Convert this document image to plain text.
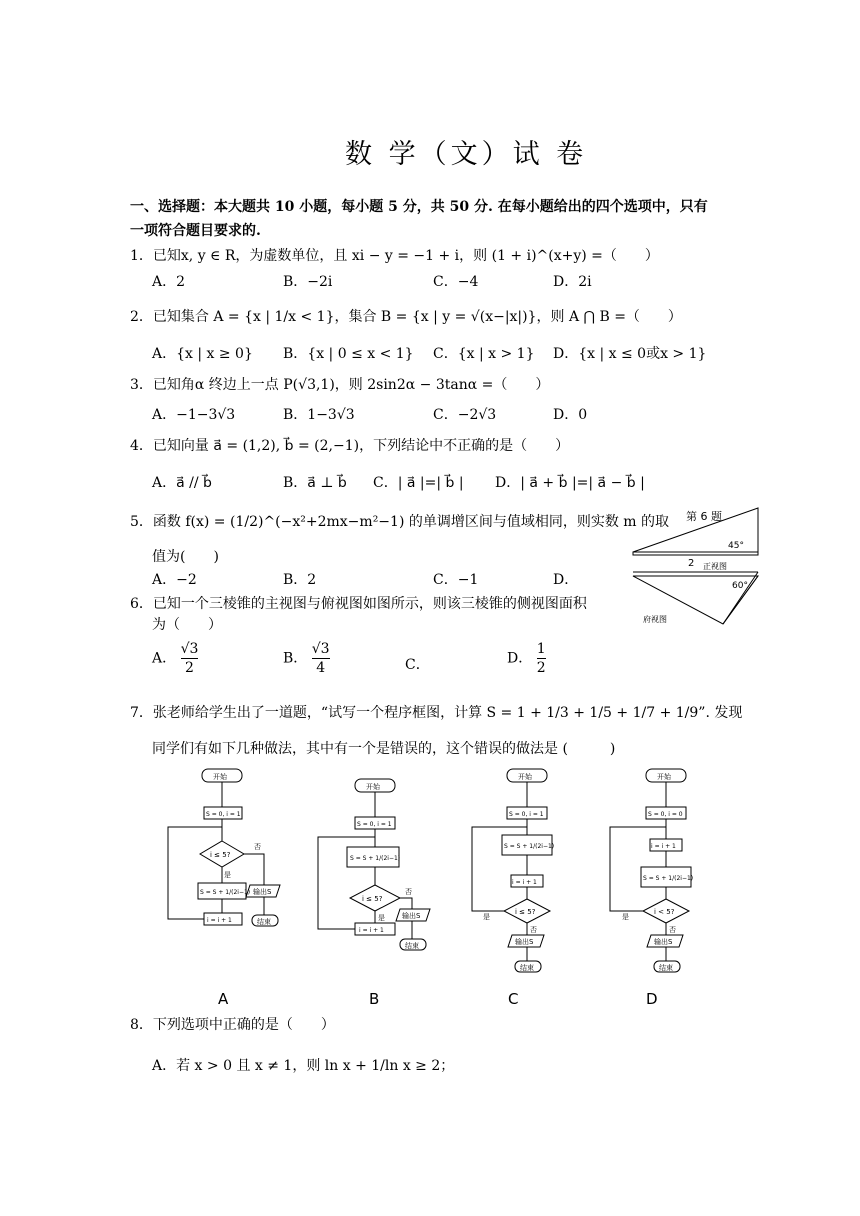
数 学（文）试 卷
一、选择题：本大题共 10 小题，每小题 5 分，共 50 分. 在每小题给出的四个选项中，只有
一项符合题目要求的.
1．已知x, y ∈ R，为虚数单位，且 xi − y = −1 + i，则 (1 + i)^(x+y) =（　　）
A．2	B．−2i	C．−4	D．2i
2．已知集合 A = {x | 1/x < 1}，集合 B = {x | y = √(x−|x|)}，则 A ⋂ B =（　　）
A．{x | x ≥ 0} B．{x | 0 ≤ x < 1} C．{x | x > 1} D．{x | x ≤ 0或x > 1}
3．已知角α 终边上一点 P(√3,1)，则 2sin2α − 3tanα =（　　）
A．−1−3√3	B．1−3√3	C．−2√3	D．0
4．已知向量 a⃗ = (1,2), b⃗ = (2,−1)，下列结论中不正确的是（　　）
A．a⃗ // b⃗	B．a⃗ ⊥ b⃗ C．| a⃗ |=| b⃗ | D．| a⃗ + b⃗ |=| a⃗ − b⃗ |
5．函数 f(x) = (1/2)^(−x²+2mx−m²−1) 的单调增区间与值域相同，则实数 m 的取
值为(　　)
A．−2	B．2	C．−1	D．
6．已知一个三棱锥的主视图与俯视图如图所示，则该三棱锥的侧视图面积
为（　　）
A． $\frac{√3}{2}$	B． $\frac{√3}{4}$	C．	D． $\frac{1}{2}$
第 6 题
45°
2 正视图
60°
府视图
7．张老师给学生出了一道题，“试写一个程序框图，计算 S = 1 + 1/3 + 1/5 + 1/7 + 1/9”. 发现
同学们有如下几种做法，其中有一个是错误的，这个错误的做法是 (　　　)
开始
S = 0, i = 1
i ≤ 5?
S = S + 1/(2i−1)
i = i + 1
否
是
输出S
结束
A
开始
S = 0, i = 1
S = S + 1/(2i−1)
i ≤ 5?
否
输出S
结束
是
i = i + 1
B
开始
S = 0, i = 1
S = S + 1/(2i−1)
i = i + 1
i ≤ 5?
是
否
输出S
结束
C
开始
S = 0, i = 0
i = i + 1
S = S + 1/(2i−1)
i < 5?
是
否
输出S
结束
D
8．下列选项中正确的是（　　）
A．若 x > 0 且 x ≠ 1，则 ln x + 1/ln x ≥ 2；
